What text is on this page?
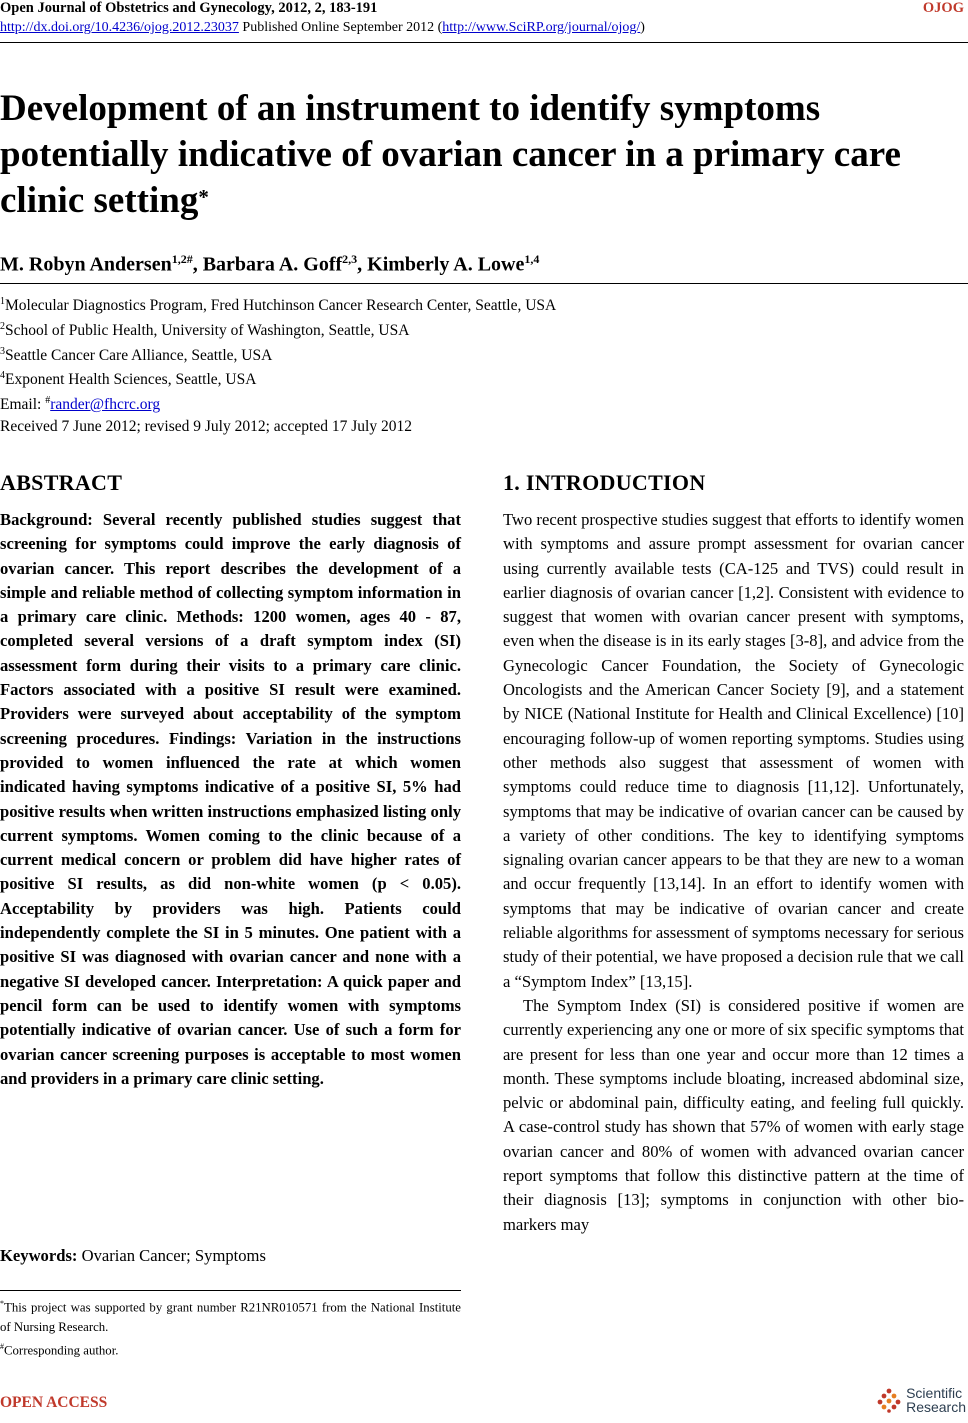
Open Journal of Obstetrics and Gynecology, 2012, 2, 183-191	OJOG
http://dx.doi.org/10.4236/ojog.2012.23037 Published Online September 2012 (http://www.SciRP.org/journal/ojog/)
Development of an instrument to identify symptoms potentially indicative of ovarian cancer in a primary care clinic setting*
M. Robyn Andersen$^{1,2\#}$, Barbara A. Goff$^{2,3}$, Kimberly A. Lowe$^{1,4}$
$^1$Molecular Diagnostics Program, Fred Hutchinson Cancer Research Center, Seattle, USA
$^2$School of Public Health, University of Washington, Seattle, USA
$^3$Seattle Cancer Care Alliance, Seattle, USA
$^4$Exponent Health Sciences, Seattle, USA
Email: #rander@fhcrc.org
Received 7 June 2012; revised 9 July 2012; accepted 17 July 2012
ABSTRACT

Background: Several recently published studies suggest that screening for symptoms could improve the early diagnosis of ovarian cancer. This report describes the development of a simple and reliable method of collecting symptom information in a primary care clinic. Methods: 1200 women, ages 40 - 87, completed several versions of a draft symptom index (SI) assessment form during their visits to a primary care clinic. Factors associated with a positive SI result were examined. Providers were surveyed about acceptability of the symptom screening procedures. Findings: Variation in the instructions provided to women influenced the rate at which women indicated having symptoms indicative of a positive SI, 5% had positive results when written instructions emphasized listing only current symptoms. Women coming to the clinic because of a current medical concern or problem did have higher rates of positive SI results, as did non-white women (p < 0.05). Acceptability by providers was high. Patients could independently complete the SI in 5 minutes. One patient with a positive SI was diagnosed with ovarian cancer and none with a negative SI developed cancer. Interpretation: A quick paper and pencil form can be used to identify women with symptoms potentially indicative of ovarian cancer. Use of such a form for ovarian cancer screening purposes is acceptable to most women and providers in a primary care clinic setting.

Keywords: Ovarian Cancer; Symptoms
*This project was supported by grant number R21NR010571 from the National Institute of Nursing Research.
#Corresponding author.
1. INTRODUCTION

Two recent prospective studies suggest that efforts to identify women with symptoms and assure prompt assessment for ovarian cancer using currently available tests (CA-125 and TVS) could result in earlier diagnosis of ovarian cancer [1,2]. Consistent with evidence to suggest that women with ovarian cancer present with symptoms, even when the disease is in its early stages [3-8], and advice from the Gynecologic Cancer Foundation, the Society of Gynecologic Oncologists and the American Cancer Society [9], and a statement by NICE (National Institute for Health and Clinical Excellence) [10] encouraging follow-up of women reporting symptoms. Studies using other methods also suggest that assessment of women with symptoms could reduce time to diagnosis [11,12]. Unfortunately, symptoms that may be indicative of ovarian cancer can be caused by a variety of other conditions. The key to identifying symptoms signaling ovarian cancer appears to be that they are new to a woman and occur frequently [13,14]. In an effort to identify women with symptoms that may be indicative of ovarian cancer and create reliable algorithms for assessment of symptoms necessary for serious study of their potential, we have proposed a decision rule that we call a “Symptom Index” [13,15].

The Symptom Index (SI) is considered positive if women are currently experiencing any one or more of six specific symptoms that are present for less than one year and occur more than 12 times a month. These symptoms include bloating, increased abdominal size, pelvic or abdominal pain, difficulty eating, and feeling full quickly. A case-control study has shown that 57% of women with early stage ovarian cancer and 80% of women with advanced ovarian cancer report symptoms that follow this distinctive pattern at the time of their diagnosis [13]; symptoms in conjunction with other bio-markers may

OPEN ACCESS
Scientific
Research
